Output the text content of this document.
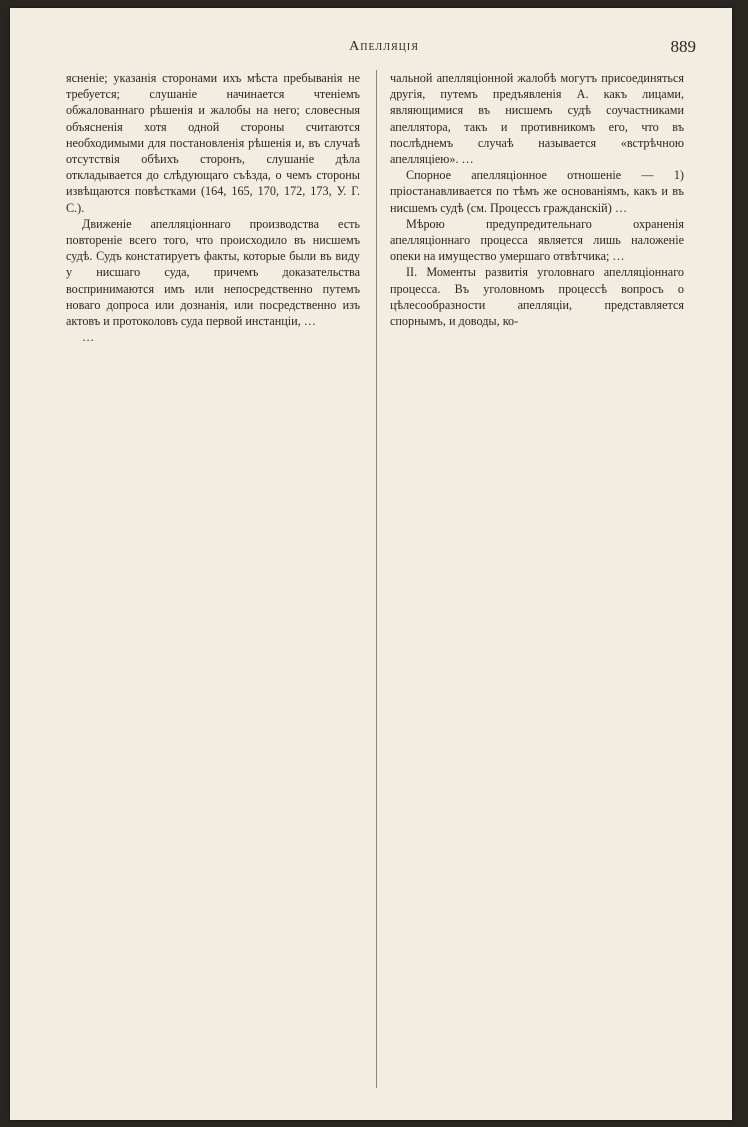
Апелляція	889

ясненіе; указанія сторонами ихъ мѣста пребыванія не требуется; слушаніе начинается чтеніемъ обжалованнаго рѣшенія и жалобы на него; словесныя объясненія хотя одной стороны считаются необходимыми для постановленія рѣшенія и, въ случаѣ отсутствія обѣихъ сторонъ, слушаніе дѣла откладывается до слѣдующаго съѣзда, о чемъ стороны извѣщаются повѣстками (164, 165, 170, 172, 173, У. Г. С.).

Движеніе апелляціоннаго производства есть повтореніе всего того, что происходило въ нисшемъ судѣ. Судъ констатируетъ факты, которые были въ виду у нисшаго суда, причемъ доказательства воспринимаются имъ или непосредственно путемъ новаго допроса или дознанія, или посредственно изъ актовъ и протоколовъ суда первой инстанціи, …

…

чальной апелляціонной жалобѣ могутъ присоединяться другія, путемъ предъявленія А. какъ лицами, являющимися въ нисшемъ судѣ соучастниками апеллятора, такъ и противникомъ его, что въ послѣднемъ случаѣ называется «встрѣчною апелляціею». …

Спорное апелляціонное отношеніе — 1) пріостанавливается по тѣмъ же основаніямъ, какъ и въ нисшемъ судѣ (см. Процессъ гражданскій) …

Мѣрою предупредительнаго охраненія апелляціоннаго процесса является лишь наложеніе опеки на имущество умершаго отвѣтчика; …

II. Моменты развитія уголовнаго апелляціоннаго процесса. Въ уголовномъ процессѣ вопросъ о цѣлесообразности апелляціи, представляется спорнымъ, и доводы, ко-
